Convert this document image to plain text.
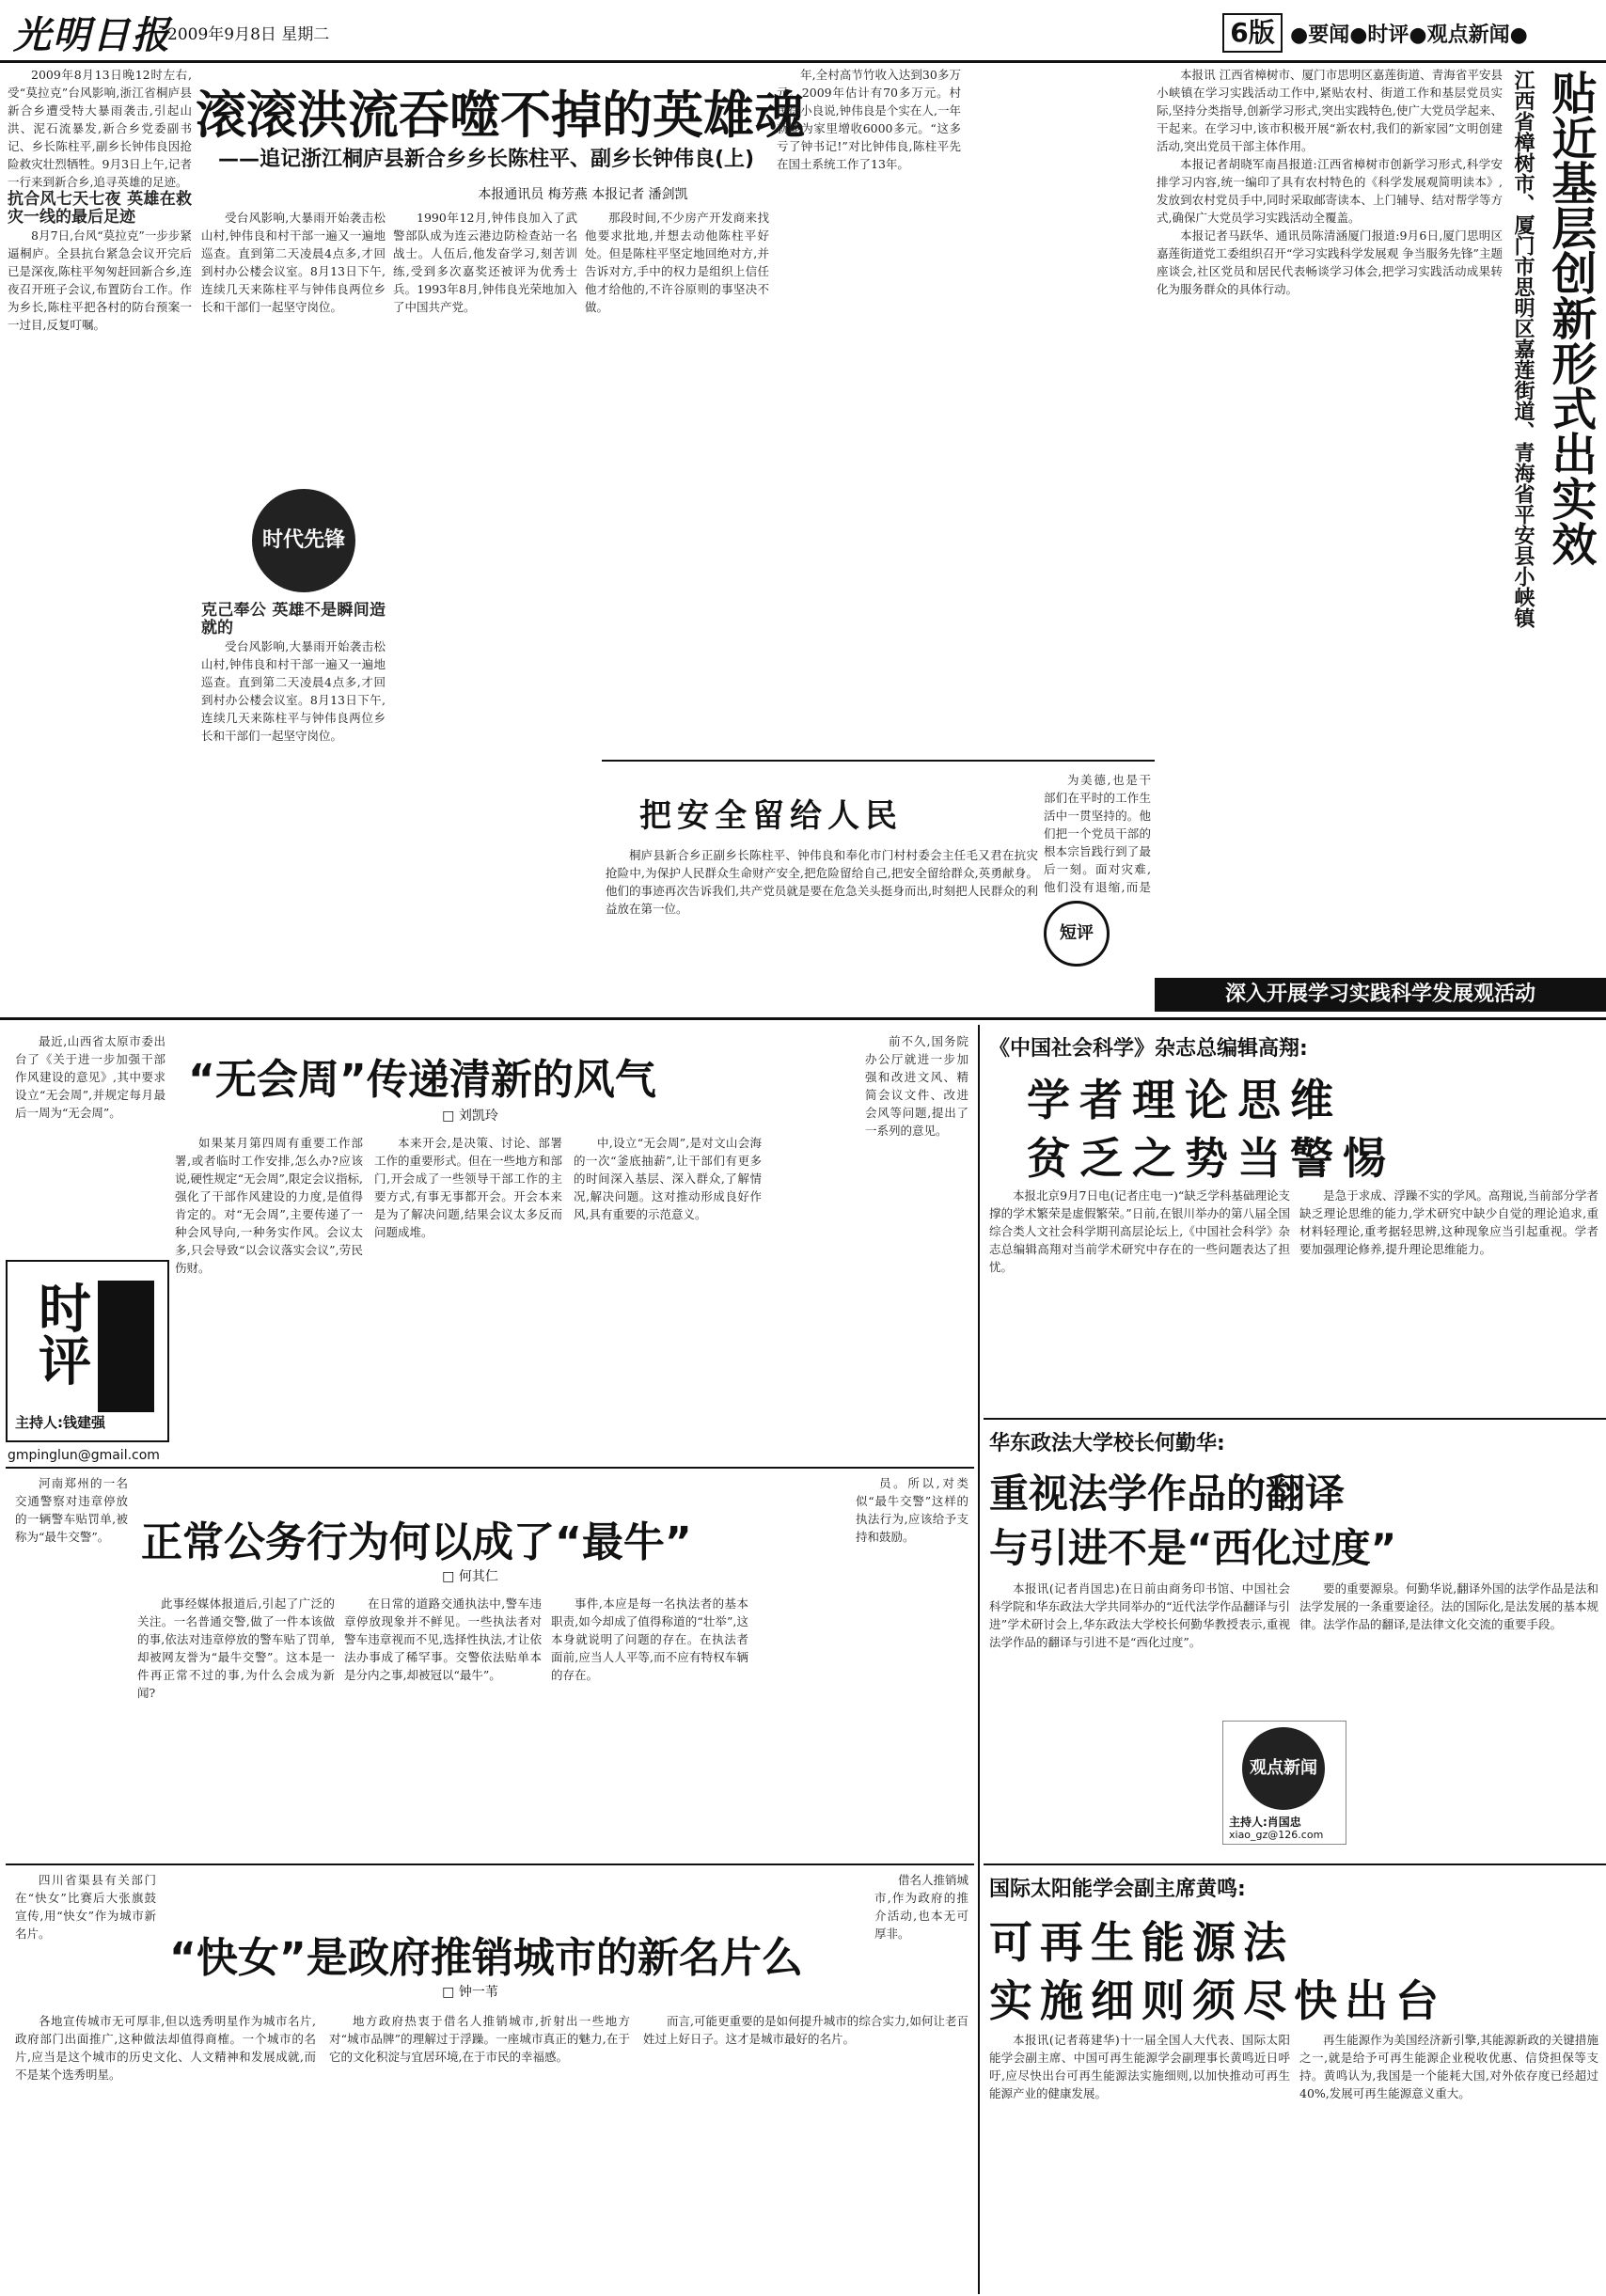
光明日报
2009年9月8日 星期二	6版 ●要闻●时评●观点新闻●
滚滚洪流吞噬不掉的英雄魂
——追记浙江桐庐县新合乡乡长陈柱平、副乡长钟伟良(上)
本报通讯员 梅芳燕 本报记者 潘剑凯

2009年8月13日晚12时左右,受“莫拉克”台风影响,浙江省桐庐县新合乡遭受特大暴雨袭击,引起山洪、泥石流暴发,新合乡党委副书记、乡长陈柱平,副乡长钟伟良因抢险救灾壮烈牺牲。9月3日上午,记者一行来到新合乡,追寻英雄的足迹。

抗合风七天七夜 英雄在救灾一线的最后足迹

8月7日,台风“莫拉克”一步步紧逼桐庐。全县抗台紧急会议开完后已是深夜,陈柱平匆匆赶回新合乡,连夜召开班子会议,布置防台工作。作为乡长,陈柱平把各村的防台预案一一过目,反复叮嘱。

受台风影响,大暴雨开始袭击松山村,钟伟良和村干部一遍又一遍地巡查。直到第二天凌晨4点多,才回到村办公楼会议室。8月13日下午,连续几天来陈柱平与钟伟良两位乡长和干部们一起坚守岗位。

时代先锋

克己奉公 英雄不是瞬间造就的

受台风影响,大暴雨开始袭击松山村,钟伟良和村干部一遍又一遍地巡查。直到第二天凌晨4点多,才回到村办公楼会议室。8月13日下午,连续几天来陈柱平与钟伟良两位乡长和干部们一起坚守岗位。

1990年12月,钟伟良加入了武警部队成为连云港边防检查站一名战士。人伍后,他发奋学习,刻苦训练,受到多次嘉奖还被评为优秀士兵。1993年8月,钟伟良光荣地加入了中国共产党。

那段时间,不少房产开发商来找他要求批地,并想去动他陈柱平好处。但是陈柱平坚定地回绝对方,并告诉对方,手中的权力是组织上信任他才给他的,不许谷原则的事坚决不做。

年,全村高节竹收入达到30多万元。2009年估计有70多万元。村民徐小良说,钟伟良是个实在人,一年就能为家里增收6000多元。“这多亏了钟书记!”对比钟伟良,陈柱平先在国土系统工作了13年。

把安全留给人民

桐庐县新合乡正副乡长陈柱平、钟伟良和奉化市门村村委会主任毛又君在抗灾抢险中,为保护人民群众生命财产安全,把危险留给自己,把安全留给群众,英勇献身。他们的事迹再次告诉我们,共产党员就是要在危急关头挺身而出,时刻把人民群众的利益放在第一位。

短评

为美德,也是干部们在平时的工作生活中一贯坚持的。他们把一个党员干部的根本宗旨践行到了最后一刻。面对灾难,他们没有退缩,而是

贴近基层创新形式出实效
江西省樟树市、厦门市思明区嘉莲街道、青海省平安县小峡镇

本报讯 江西省樟树市、厦门市思明区嘉莲街道、青海省平安县小峡镇在学习实践活动工作中,紧贴农村、街道工作和基层党员实际,坚持分类指导,创新学习形式,突出实践特色,使广大党员学起来、干起来。在学习中,该市积极开展“新农村,我们的新家园”文明创建活动,突出党员干部主体作用。

本报记者胡晓军南昌报道:江西省樟树市创新学习形式,科学安排学习内容,统一编印了具有农村特色的《科学发展观简明读本》,发放到农村党员手中,同时采取邮寄读本、上门辅导、结对帮学等方式,确保广大党员学习实践活动全覆盖。

本报记者马跃华、通讯员陈清涵厦门报道:9月6日,厦门思明区嘉莲街道党工委组织召开“学习实践科学发展观 争当服务先锋”主题座谈会,社区党员和居民代表畅谈学习体会,把学习实践活动成果转化为服务群众的具体行动。

深入开展学习实践科学发展观活动
时评
主持人:钱建强
gmpinglun@gmail.com
“无会周”传递清新的风气
□ 刘凯玲

最近,山西省太原市委出台了《关于进一步加强干部作风建设的意见》,其中要求设立“无会周”,并规定每月最后一周为“无会周”。

如果某月第四周有重要工作部署,或者临时工作安排,怎么办?应该说,硬性规定“无会周”,限定会议指标,强化了干部作风建设的力度,是值得肯定的。对“无会周”,主要传递了一种会风导向,一种务实作风。会议太多,只会导致“以会议落实会议”,劳民伤财。

本来开会,是决策、讨论、部署工作的重要形式。但在一些地方和部门,开会成了一些领导干部工作的主要方式,有事无事都开会。开会本来是为了解决问题,结果会议太多反而问题成堆。

中,设立“无会周”,是对文山会海的一次“釜底抽薪”,让干部们有更多的时间深入基层、深入群众,了解情况,解决问题。这对推动形成良好作风,具有重要的示范意义。

前不久,国务院办公厅就进一步加强和改进文风、精简会议文件、改进会风等问题,提出了一系列的意见。

正常公务行为何以成了“最牛”
□ 何其仁

河南郑州的一名交通警察对违章停放的一辆警车贴罚单,被称为“最牛交警”。

此事经媒体报道后,引起了广泛的关注。一名普通交警,做了一件本该做的事,依法对违章停放的警车贴了罚单,却被网友誉为“最牛交警”。这本是一件再正常不过的事,为什么会成为新闻?

在日常的道路交通执法中,警车违章停放现象并不鲜见。一些执法者对警车违章视而不见,选择性执法,才让依法办事成了稀罕事。交警依法贴单本是分内之事,却被冠以“最牛”。

事件,本应是每一名执法者的基本职责,如今却成了值得称道的“壮举”,这本身就说明了问题的存在。在执法者面前,应当人人平等,而不应有特权车辆的存在。

员。所以,对类似“最牛交警”这样的执法行为,应该给予支持和鼓励。

“快女”是政府推销城市的新名片么
□ 钟一苇

四川省渠县有关部门在“快女”比赛后大张旗鼓宣传,用“快女”作为城市新名片。

各地宣传城市无可厚非,但以选秀明星作为城市名片,政府部门出面推广,这种做法却值得商榷。一个城市的名片,应当是这个城市的历史文化、人文精神和发展成就,而不是某个选秀明星。

地方政府热衷于借名人推销城市,折射出一些地方对“城市品牌”的理解过于浮躁。一座城市真正的魅力,在于它的文化积淀与宜居环境,在于市民的幸福感。

而言,可能更重要的是如何提升城市的综合实力,如何让老百姓过上好日子。这才是城市最好的名片。

借名人推销城市,作为政府的推介活动,也本无可厚非。

《中国社会科学》杂志总编辑高翔:
学者理论思维
贫乏之势当警惕

本报北京9月7日电(记者庄电一)“缺乏学科基础理论支撑的学术繁荣是虚假繁荣。”日前,在银川举办的第八届全国综合类人文社会科学期刊高层论坛上,《中国社会科学》杂志总编辑高翔对当前学术研究中存在的一些问题表达了担忧。

是急于求成、浮躁不实的学风。高翔说,当前部分学者缺乏理论思维的能力,学术研究中缺少自觉的理论追求,重材料轻理论,重考据轻思辨,这种现象应当引起重视。学者要加强理论修养,提升理论思维能力。

华东政法大学校长何勤华:
重视法学作品的翻译
与引进不是“西化过度”

本报讯(记者肖国忠)在日前由商务印书馆、中国社会科学院和华东政法大学共同举办的“近代法学作品翻译与引进”学术研讨会上,华东政法大学校长何勤华教授表示,重视法学作品的翻译与引进不是“西化过度”。

要的重要源泉。何勤华说,翻译外国的法学作品是法和法学发展的一条重要途径。法的国际化,是法发展的基本规律。法学作品的翻译,是法律文化交流的重要手段。

观点新闻
主持人:肖国忠
xiao_gz@126.com
国际太阳能学会副主席黄鸣:
可再生能源法
实施细则须尽快出台

本报讯(记者蒋建华)十一届全国人大代表、国际太阳能学会副主席、中国可再生能源学会副理事长黄鸣近日呼吁,应尽快出台可再生能源法实施细则,以加快推动可再生能源产业的健康发展。

再生能源作为美国经济新引擎,其能源新政的关键措施之一,就是给予可再生能源企业税收优惠、信贷担保等支持。黄鸣认为,我国是一个能耗大国,对外依存度已经超过40%,发展可再生能源意义重大。
